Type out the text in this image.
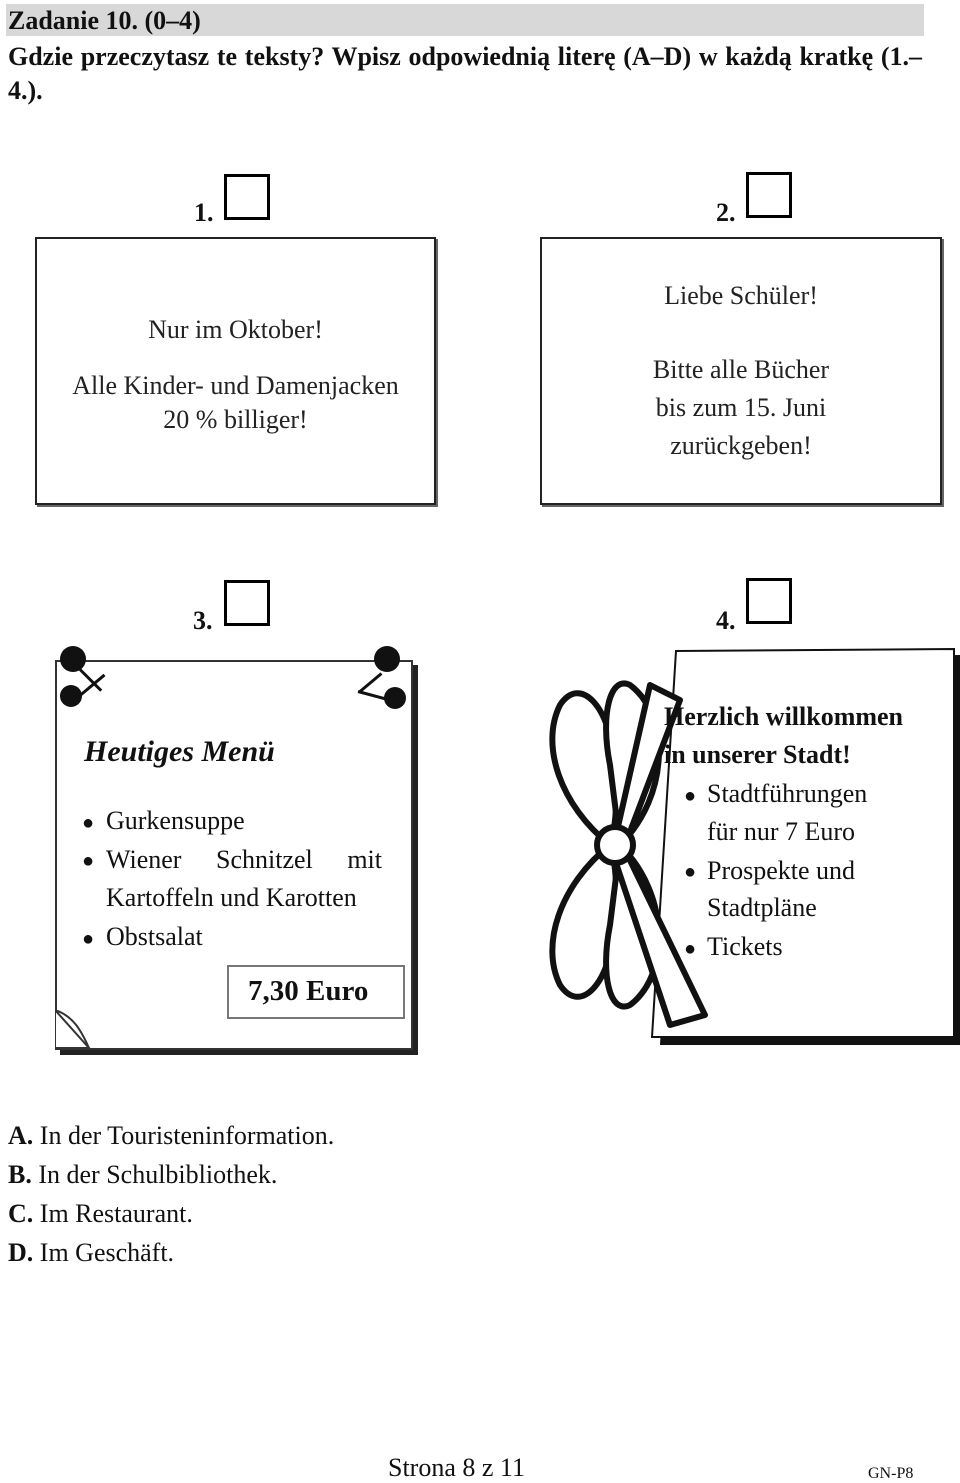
Zadanie 10. (0–4)
Gdzie przeczytasz te teksty? Wpisz odpowiednią literę (A–D) w każdą kratkę (1.–4.).
1.
Nur im Oktober!
Alle Kinder- und Damenjacken
20 % billiger!
2.
Liebe Schüler!
Bitte alle Bücher
bis zum 15. Juni
zurückgeben!
3.
Heutiges Menü
● Gurkensuppe
● Wiener Schnitzel mit
Kartoffeln und Karotten
● Obstsalat
7,30 Euro
4.
Herzlich willkommen
in unserer Stadt!
● Stadtführungen
für nur 7 Euro
● Prospekte und
Stadtpläne
● Tickets
A. In der Touristeninformation.
B. In der Schulbibliothek.
C. Im Restaurant.
D. Im Geschäft.
Strona 8 z 11	GN-P8
